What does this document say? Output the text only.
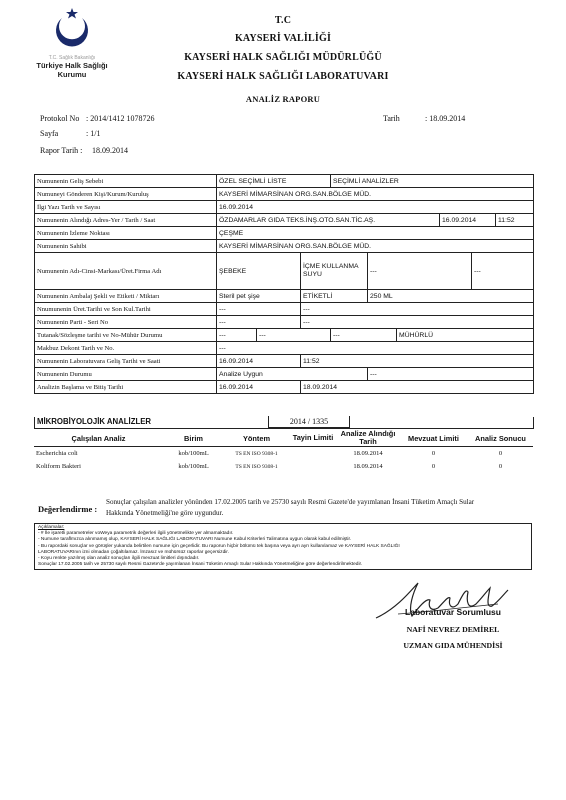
T.C. Sağlık Bakanlığı
Türkiye Halk Sağlığı
Kurumu
T.C
KAYSERİ VALİLİĞİ
KAYSERİ HALK SAĞLIĞI MÜDÜRLÜĞÜ
KAYSERİ HALK SAĞLIĞI LABORATUVARI
ANALİZ RAPORU
Protokol No : 2014/1412 1078726	Tarih	: 18.09.2014
Sayfa	: 1/1
Rapor Tarih : 18.09.2014
Numunenin Geliş Sebebi	ÖZEL SEÇİMLİ LİSTE			SEÇİMLİ ANALİZLER					
Numuneyi Gönderen Kişi/Kurum/Kuruluş	KAYSERİ MİMARSİNAN ORG.SAN.BÖLGE MÜD.								
İlgi Yazı Tarih ve Sayısı	16.09.2014								
Numunenin Alındığı Adres-Yer / Tarih / Saat	ÖZDAMARLAR GIDA TEKS.İNŞ.OTO.SAN.TİC.AŞ.						16.09.2014		11:52
Numunenin İzleme Noktası	ÇEŞME								
Numunenin Sahibi	KAYSERİ MİMARSİNAN ORG.SAN.BÖLGE MÜD.								
Numunenin Adı-Cinsi-Markası/Üret.Firma Adı	ŞEBEKE		İÇME KULLANMA SUYU		---			---	
Numunenin Ambalaj Şekli ve Etiketi / Miktarı	Steril pet şişe		ETİKETLİ		250 ML				
Nnumunenin Üret.Tarihi ve Son Kul.Tarihi	---		---						
Numunenin Parti - Seri No	---		---						
Tutanak/Sözleşme tarihi ve No-Mühür Durumu	---	---		---		MÜHÜRLÜ			
Makbuz Dekont Tarih ve No.	---								
Numunenin Laboratuvara Geliş Tarihi ve Saati	16.09.2014		11:52						
Numunenin Durumu	Analize Uygun				---				
Analizin Başlama ve Bitiş Tarihi	16.09.2014		18.09.2014						
MİKROBİYOLOJİK ANALİZLER	2014 / 1335
Çalışılan Analiz	Birim	Yöntem	Tayin Limiti	Analize Alındığı Tarih	Mevzuat Limiti	Analiz Sonucu
Escherichia coli	kob/100mL	TS EN ISO 9308-1		18.09.2014	0	0
Koliform Bakteri	kob/100mL	TS EN ISO 9308-1		18.09.2014	0	0
Değerlendirme :
Sonuçlar çalışılan analizler yönünden 17.02.2005 tarih ve 25730 sayılı Resmi Gazete'de yayımlanan İnsani Tüketim Amaçlı Sular
Hakkında Yönetmeliği'ne göre uygundur.
Açıklamalar:
- # İle işaretli parametreler voWeya parametrik değerleri ilgili yönetmelikte yer almamaktadır.
- Numune taraflmızca alınmamış olup, KAYSERİ HALK SAĞLIĞI LABORATUVARI Numune Kabul Kriterleri Talimatına uygun olarak kabul edilmiştir.
- Bu rapordaki sonuçlar ve görüşler yukarıda belirtilen numune için geçerlidir. Bu raporun hiçbir bölümü tek başına veya ayrı ayrı kullanılamaz ve KAYSERİ HALK SAĞLIĞI
LABORATUVARInın izni olmadan çoğaltılamaz. İmzasız ve mühürsüz raporlar geçersizdir.
- Koyu renkte yazılmış olan analiz sonuçları ilgili mevzuat limitleri dışındadır.
Sonuçlar 17.02.2005 tarih ve 25730 sayılı Resmi Gazete'de yayımlanan İnsani Tüketim Amaçlı Sular Hakkında Yönetmeliğine göre değerlendirilmektedir.
Laboratuvar Sorumlusu
NAFİ NEVREZ DEMİREL
UZMAN GIDA MÜHENDİSİ
